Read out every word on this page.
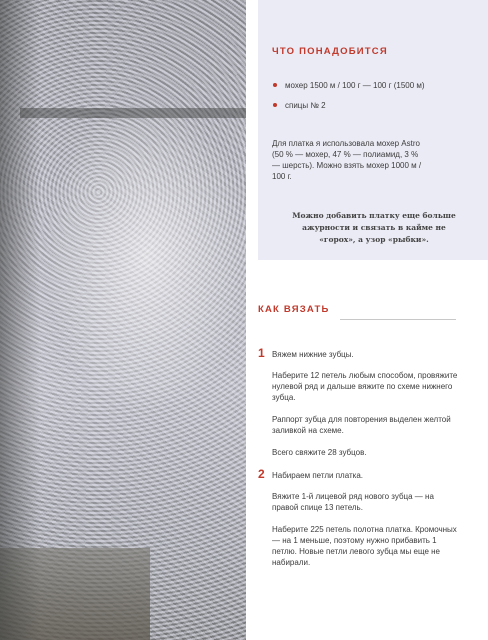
ЧТО ПОНАДОБИТСЯ
мохер 1500 м / 100 г — 100 г (1500 м)
спицы № 2
Для платка я использовала мохер Astro (50 % — мохер, 47 % — полиамид, 3 % — шерсть). Можно взять мохер 1000 м / 100 г.
Можно добавить платку еще больше ажурности и связать в кайме не «горох», а узор «рыбки».
КАК ВЯЗАТЬ
1 Вяжем нижние зубцы.
Наберите 12 петель любым способом, провяжите нулевой ряд и дальше вяжите по схеме нижнего зубца.
Раппорт зубца для повторения выделен желтой заливкой на схеме.
Всего свяжите 28 зубцов.
2 Набираем петли платка.
Вяжите 1-й лицевой ряд нового зубца — на правой спице 13 петель.
Наберите 225 петель полотна платка. Кромочных — на 1 меньше, поэтому нужно прибавить 1 петлю. Новые петли левого зубца мы еще не набирали.
